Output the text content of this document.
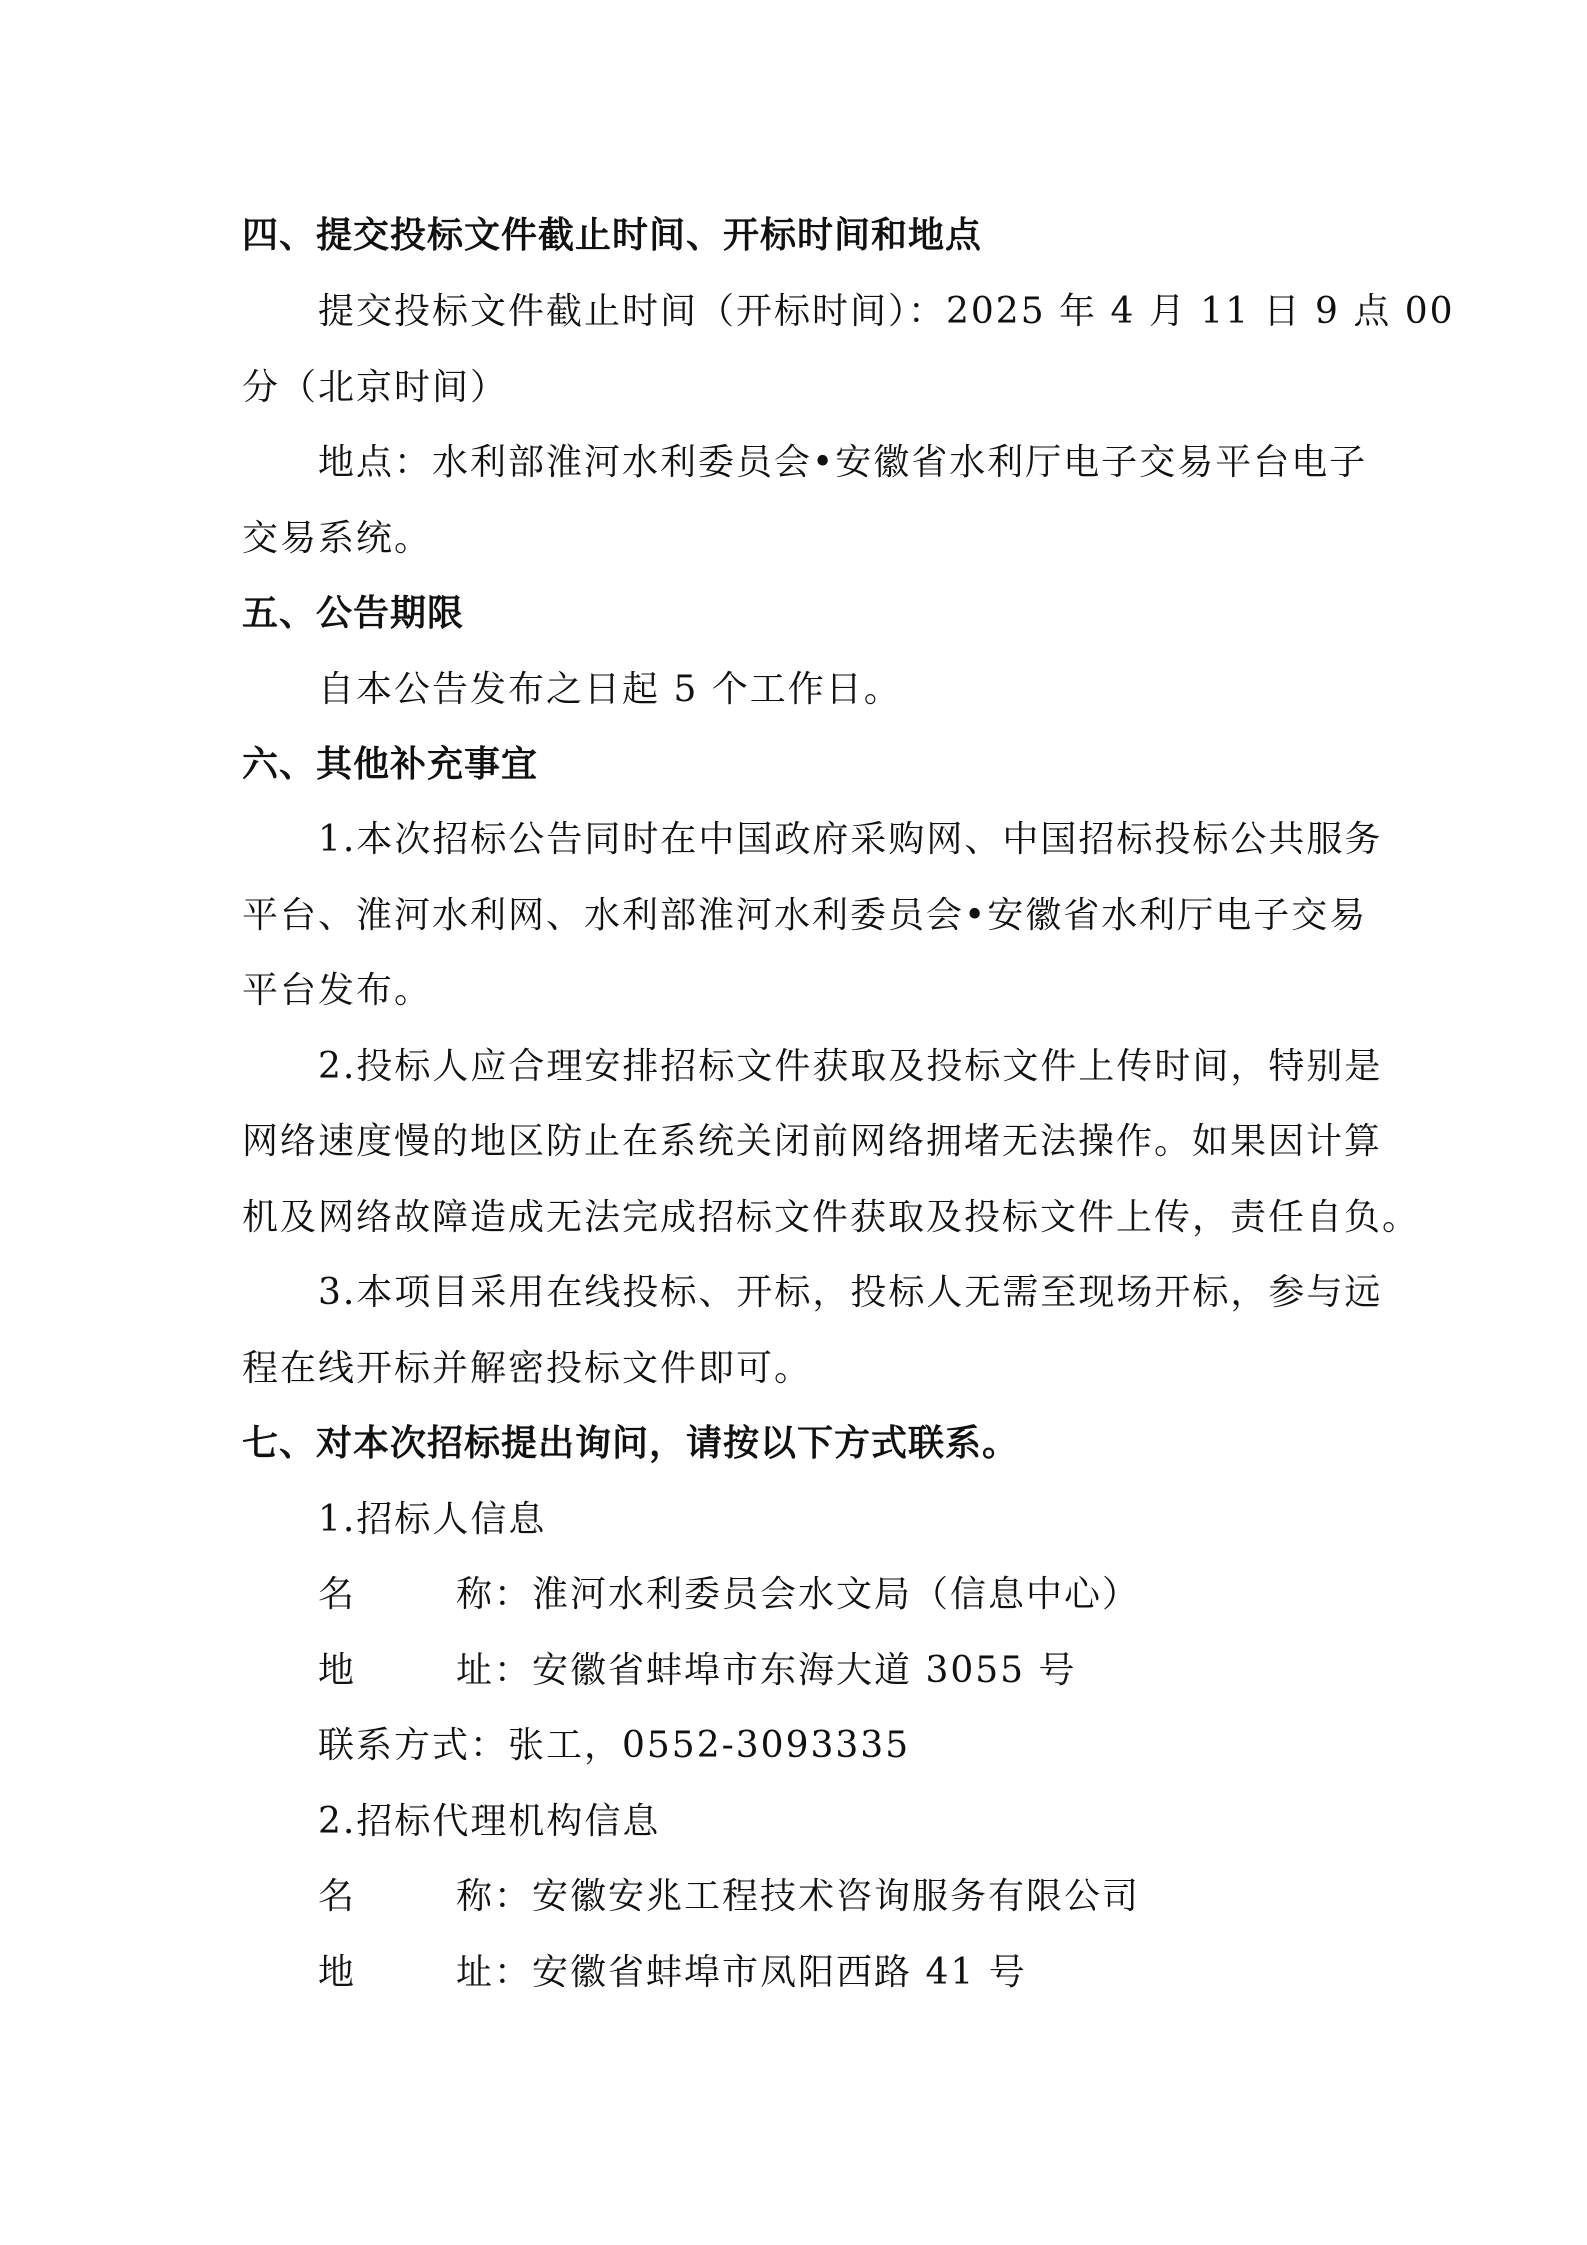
四、提交投标文件截止时间、开标时间和地点
提交投标文件截止时间（开标时间）：2025 年 4 月 11 日 9 点 00
分（北京时间）
地点：水利部淮河水利委员会•安徽省水利厅电子交易平台电子
交易系统。
五、公告期限
自本公告发布之日起 5 个工作日。
六、其他补充事宜
1.本次招标公告同时在中国政府采购网、中国招标投标公共服务
平台、淮河水利网、水利部淮河水利委员会•安徽省水利厅电子交易
平台发布。
2.投标人应合理安排招标文件获取及投标文件上传时间，特别是
网络速度慢的地区防止在系统关闭前网络拥堵无法操作。如果因计算
机及网络故障造成无法完成招标文件获取及投标文件上传，责任自负。
3.本项目采用在线投标、开标，投标人无需至现场开标，参与远
程在线开标并解密投标文件即可。
七、对本次招标提出询问，请按以下方式联系。
1.招标人信息
名	称：淮河水利委员会水文局（信息中心）
地	址：安徽省蚌埠市东海大道 3055 号
联系方式：张工，0552-3093335
2.招标代理机构信息
名	称：安徽安兆工程技术咨询服务有限公司
地	址：安徽省蚌埠市凤阳西路 41 号
